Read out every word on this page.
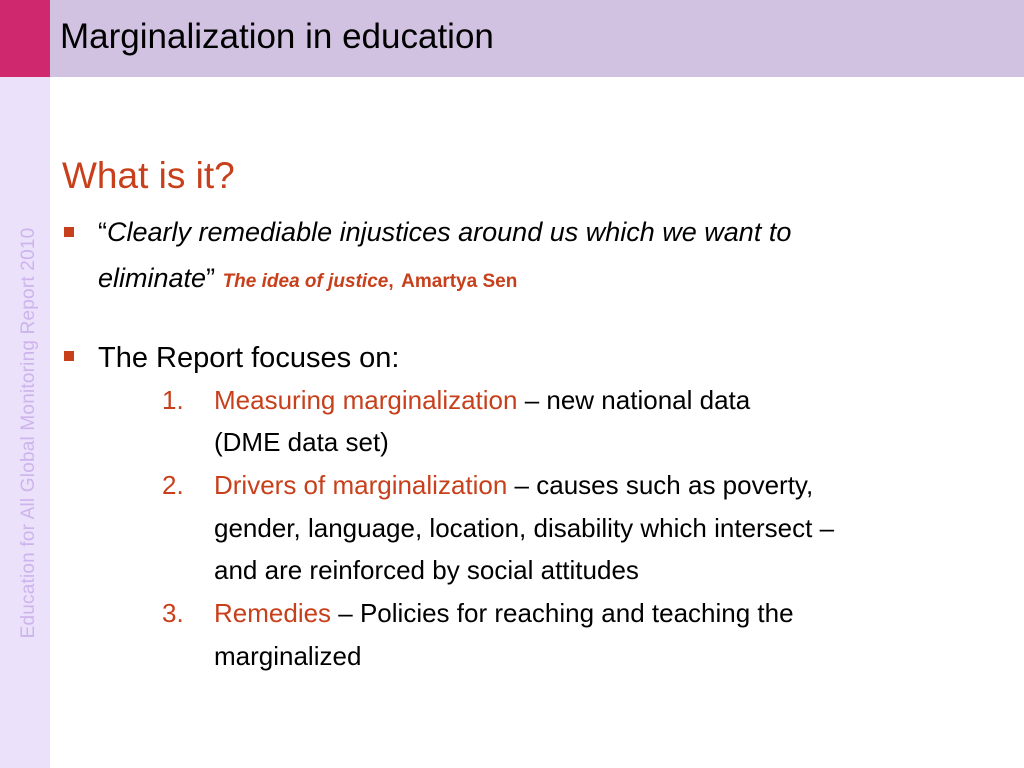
Marginalization in education
Education for All Global Monitoring Report 2010
What is it?
“Clearly remediable injustices around us which we want to
eliminate” The idea of justice, Amartya Sen
The Report focuses on:
1. Measuring marginalization – new national data
(DME data set)
2. Drivers of marginalization – causes such as poverty,
gender, language, location, disability which intersect –
and are reinforced by social attitudes
3. Remedies – Policies for reaching and teaching the
marginalized
